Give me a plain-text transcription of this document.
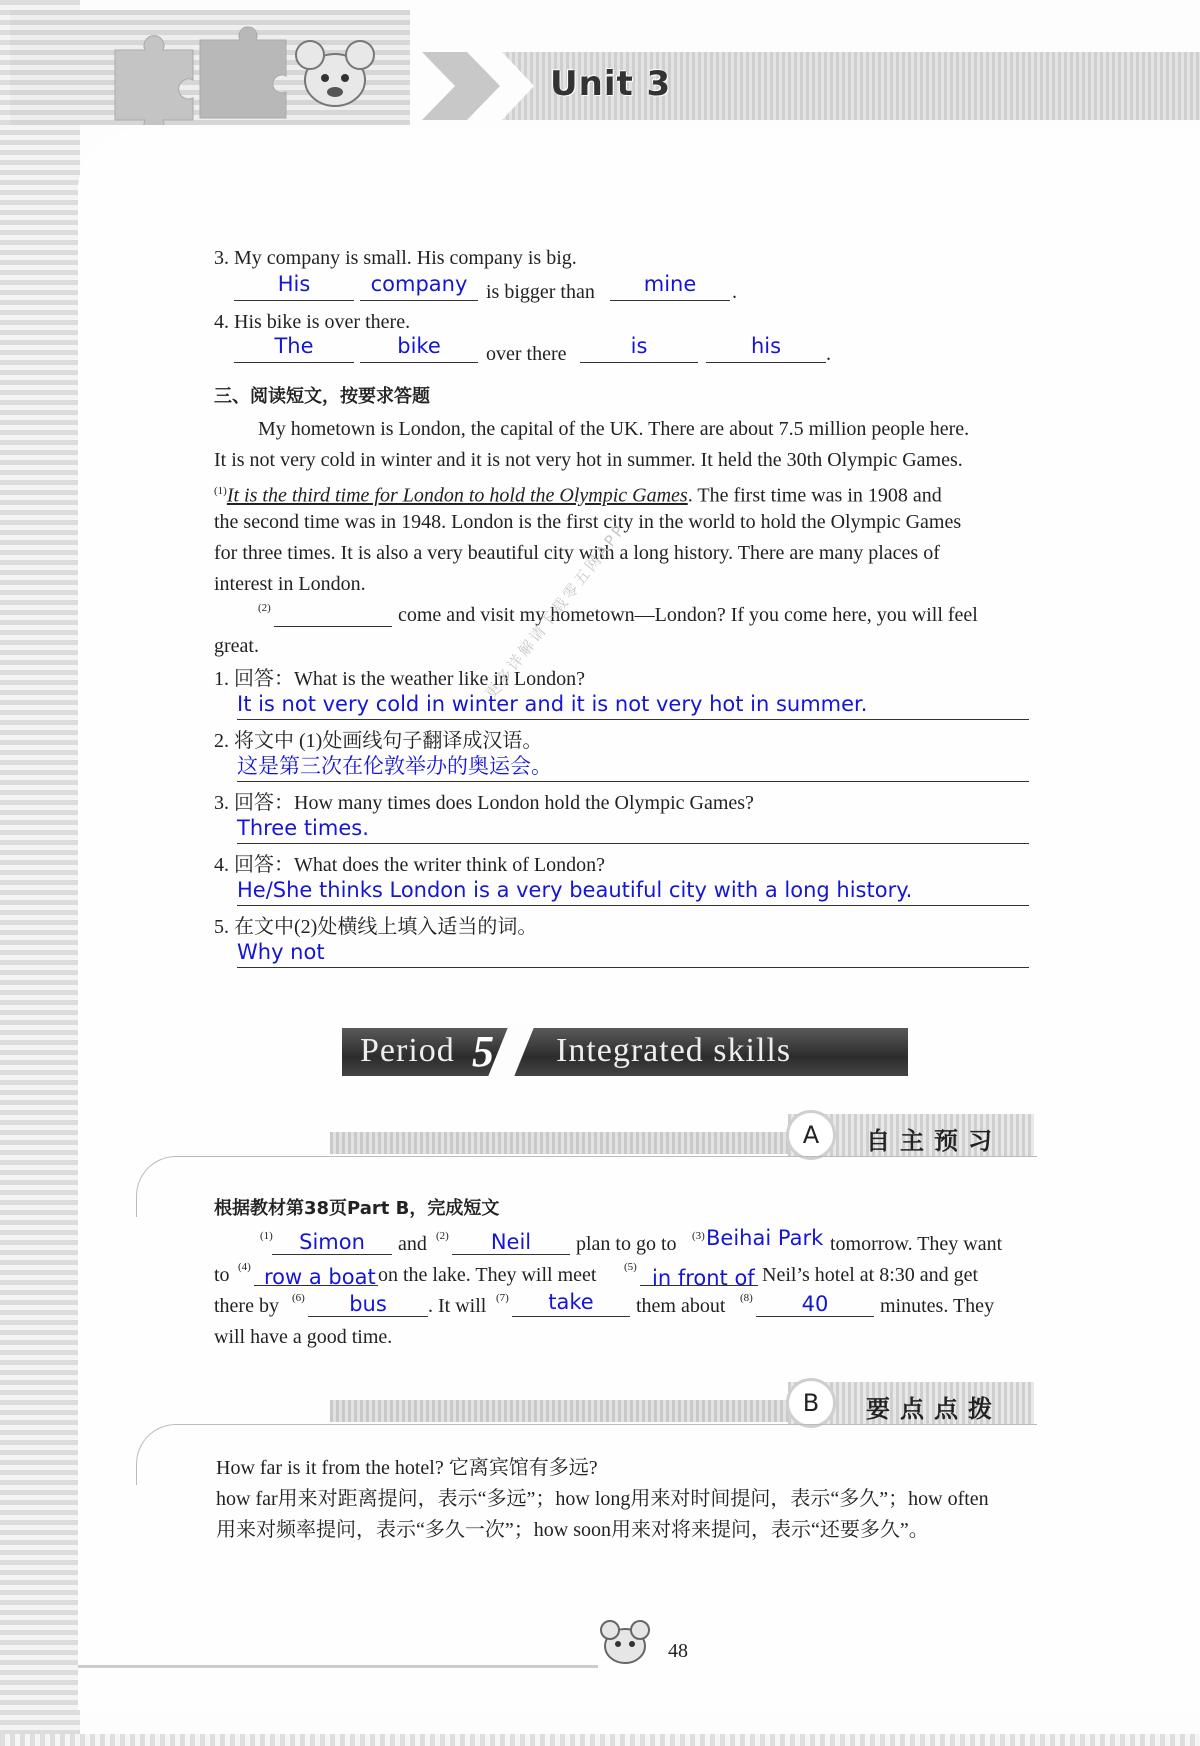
Unit 3
3. My company is small. His company is big.
His	company is bigger than	mine	.
4. His bike is over there.
The	bike	over there	is	his	.
三、阅读短文，按要求答题
My hometown is London, the capital of the UK. There are about 7.5 million people here.
It is not very cold in winter and it is not very hot in summer. It held the 30th Olympic Games.
$^{(1)}$It is the third time for London to hold the Olympic Games. The first time was in 1908 and
the second time was in 1948. London is the first city in the world to hold the Olympic Games
for three times. It is also a very beautiful city with a long history. There are many places of
interest in London.
(2)	come and visit my hometown—London? If you come here, you will feel
great.
1. 回答：What is the weather like in London?
It is not very cold in winter and it is not very hot in summer.
2. 将文中 (1)处画线句子翻译成汉语。
这是第三次在伦敦举办的奥运会。
3. 回答：How many times does London hold the Olympic Games?
Three times.
4. 回答：What does the writer think of London?
He/She thinks London is a very beautiful city with a long history.
5. 在文中(2)处横线上填入适当的词。
Why not
更多详解请下载零五网APP
Period 5 Integrated skills
A	自主预习
根据教材第38页Part B，完成短文
(1)	Simon	and (2)	Neil	plan to go to (3) Beihai Park tomorrow. They want
to (4) row a boat on the lake. They will meet	(5) in front of Neil’s hotel at 8:30 and get
there by (6)	bus	. It will (7)	take	them about (8)	40	minutes. They
will have a good time.
B	要点点拨
How far is it from the hotel? 它离宾馆有多远?
how far用来对距离提问，表示“多远”；how long用来对时间提问，表示“多久”；how often
用来对频率提问，表示“多久一次”；how soon用来对将来提问，表示“还要多久”。
48
